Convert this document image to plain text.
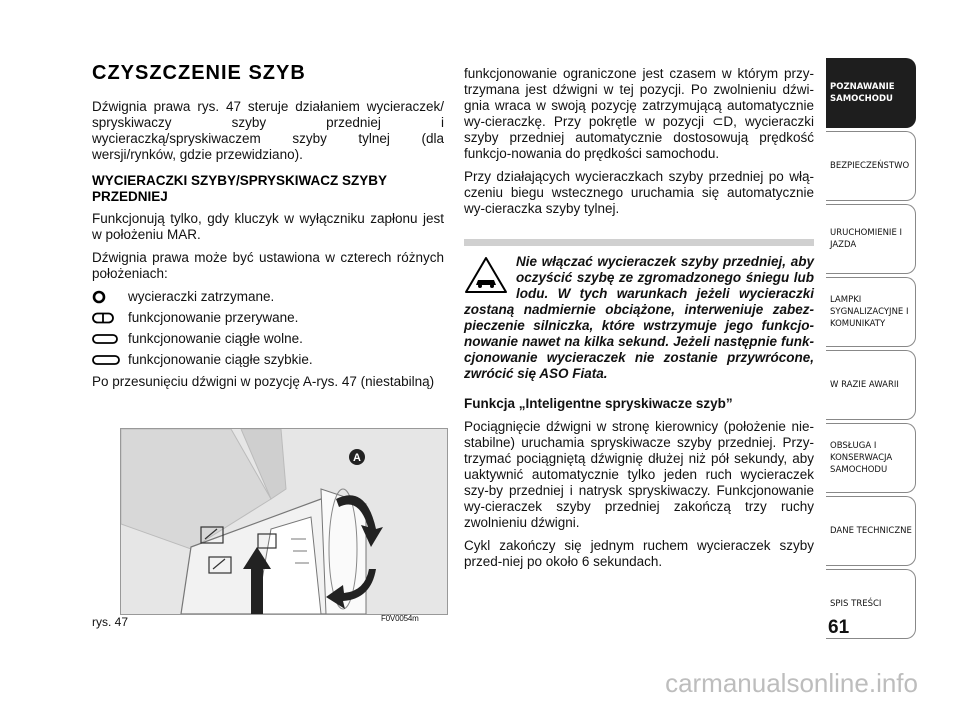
CZYSZCZENIE SZYB

Dźwignia prawa rys. 47 steruje działaniem wycieraczek/ spryskiwaczy szyby przedniej i wycieraczką/spryskiwaczem szyby tylnej (dla wersji/rynków, gdzie przewidziano).

WYCIERACZKI SZYBY/SPRYSKIWACZ SZYBY PRZEDNIEJ

Funkcjonują tylko, gdy kluczyk w wyłączniku zapłonu jest w położeniu MAR.

Dźwignia prawa może być ustawiona w czterech różnych położeniach:

wycieraczki zatrzymane.
funkcjonowanie przerywane.
funkcjonowanie ciągłe wolne.
funkcjonowanie ciągłe szybkie.

Po przesunięciu dźwigni w pozycję A-rys. 47 (niestabilną)

A
rys. 47	F0V0054m

funkcjonowanie ograniczone jest czasem w którym przy-trzymana jest dźwigni w tej pozycji. Po zwolnieniu dźwi-gnia wraca w swoją pozycję zatrzymującą automatycznie wy-cieraczkę. Przy pokrętle w pozycji ⊂D, wycieraczki szyby przedniej automatycznie dostosowują prędkość funkcjo-nowania do prędkości samochodu.

Przy działających wycieraczkach szyby przedniej po włą-czeniu biegu wstecznego uruchamia się automatycznie wy-cieraczka szyby tylnej.

Nie włączać wycieraczek szyby przedniej, aby oczyścić szybę ze zgromadzonego śniegu lub lodu. W tych warunkach jeżeli wycieraczki zostaną nadmiernie obciążone, interweniuje zabez-pieczenie silniczka, które wstrzymuje jego funkcjo-nowanie nawet na kilka sekund. Jeżeli następnie funk-cjonowanie wycieraczek nie zostanie przywrócone, zwrócić się ASO Fiata.

Funkcja „Inteligentne spryskiwacze szyb”

Pociągnięcie dźwigni w stronę kierownicy (położenie nie-stabilne) uruchamia spryskiwacze szyby przedniej. Przy-trzymać pociągniętą dźwignię dłużej niż pół sekundy, aby uaktywnić automatycznie tylko jeden ruch wycieraczek szy-by przedniej i natrysk spryskiwaczy. Funkcjonowanie wy-cieraczek szyby przedniej zakończą trzy ruchy zwolnieniu dźwigni.

Cykl zakończy się jednym ruchem wycieraczek szyby przed-niej po około 6 sekundach.

POZNAWANIE SAMOCHODU
BEZPIECZEŃSTWO
URUCHOMIENIE I JAZDA
LAMPKI SYGNALIZACYJNE I KOMUNIKATY
W RAZIE AWARII
OBSŁUGA I KONSERWACJA SAMOCHODU
DANE TECHNICZNE
SPIS TREŚCI
61
carmanualsonline.info
